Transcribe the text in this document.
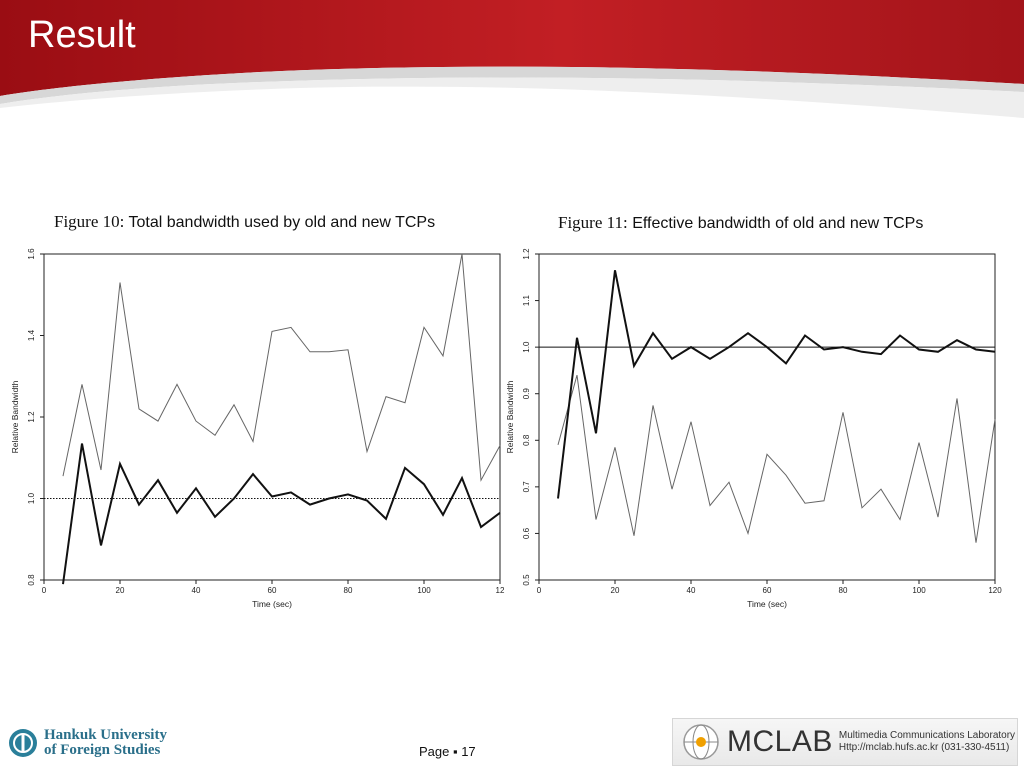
Result

Figure 10: Total bandwidth used by old and new TCPs	Figure 11: Effective bandwidth of old and new TCPs

0	20	40	60	80	100	12
0.8
1.0
1.2
1.4
1.6
Time (sec)
Relative Bandwidth
0	20	40	60	80	100	120
0.5
0.6
0.7
0.8
0.9
1.0
1.1
1.2
Time (sec)
Relative Bandwidth
Hankuk University
of Foreign Studies	Page ▪ 17	MCLAB Multimedia Communications Laboratory
Http://mclab.hufs.ac.kr (031-330-4511)
